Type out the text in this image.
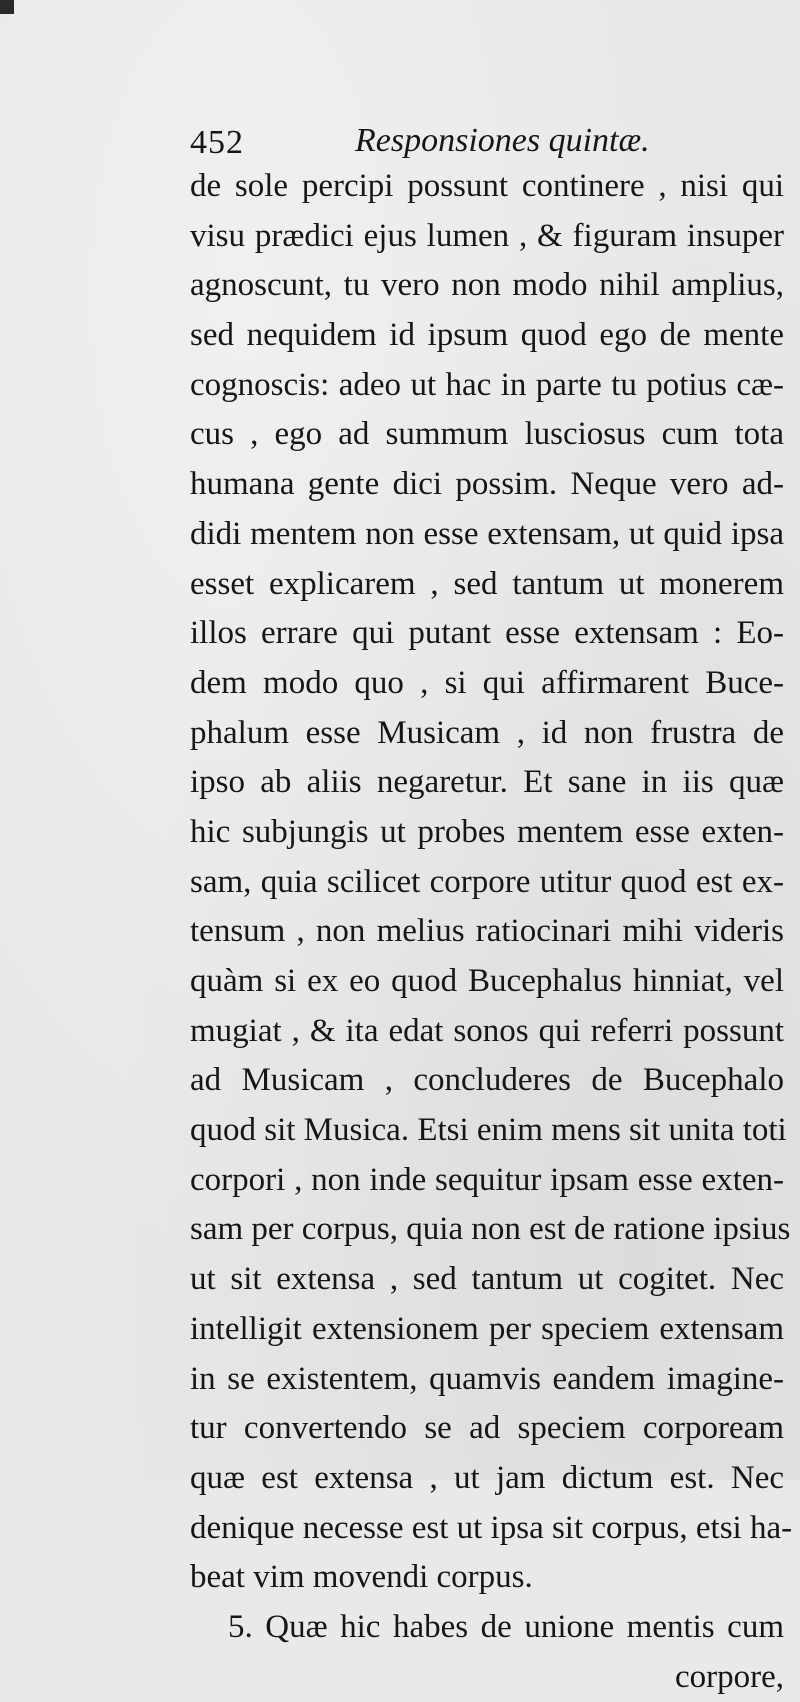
452	Responsiones quintæ.
de sole percipi possunt continere , nisi qui
visu prædici ejus lumen , & figuram insuper
agnoscunt, tu vero non modo nihil amplius,
sed nequidem id ipsum quod ego de mente
cognoscis: adeo ut hac in parte tu potius cæ-
cus , ego ad summum lusciosus cum tota
humana gente dici possim. Neque vero ad-
didi mentem non esse extensam, ut quid ipsa
esset explicarem , sed tantum ut monerem
illos errare qui putant esse extensam : Eo-
dem modo quo , si qui affirmarent Buce-
phalum esse Musicam , id non frustra de
ipso ab aliis negaretur. Et sane in iis quæ
hic subjungis ut probes mentem esse exten-
sam, quia scilicet corpore utitur quod est ex-
tensum , non melius ratiocinari mihi videris
quàm si ex eo quod Bucephalus hinniat, vel
mugiat , & ita edat sonos qui referri possunt
ad Musicam , concluderes de Bucephalo
quod sit Musica. Etsi enim mens sit unita toti
corpori , non inde sequitur ipsam esse exten-
sam per corpus, quia non est de ratione ipsius
ut sit extensa , sed tantum ut cogitet. Nec
intelligit extensionem per speciem extensam
in se existentem, quamvis eandem imagine-
tur convertendo se ad speciem corpoream
quæ est extensa , ut jam dictum est. Nec
denique necesse est ut ipsa sit corpus, etsi ha-
beat vim movendi corpus.
5. Quæ hic habes de unione mentis cum
corpore,
